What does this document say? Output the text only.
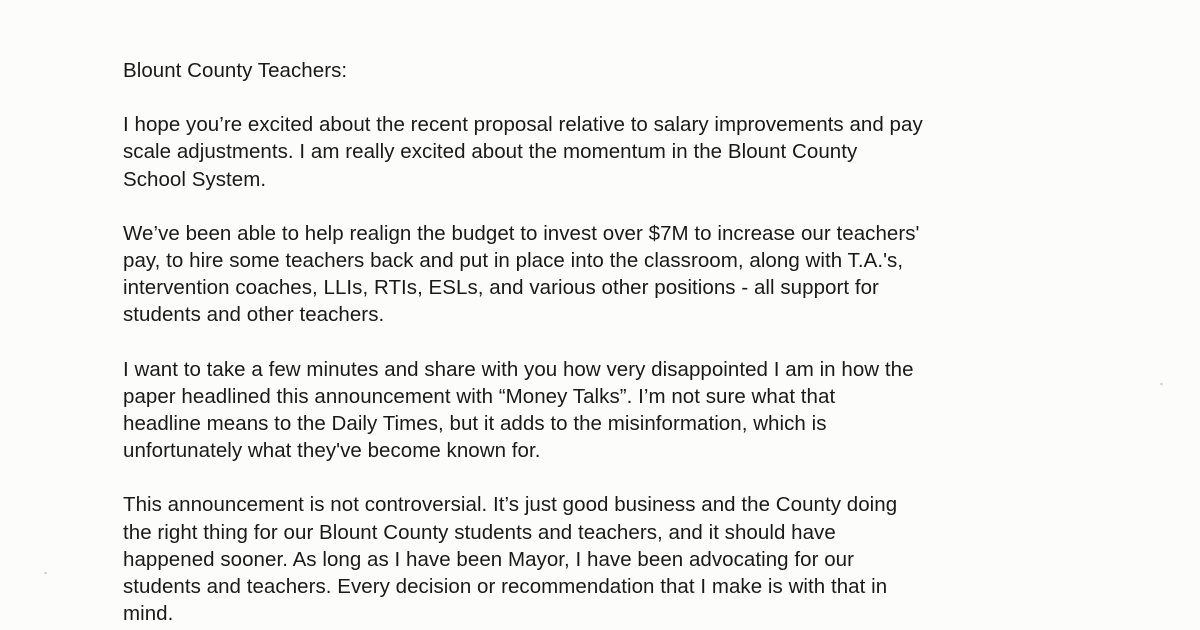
Blount County Teachers:
I hope you’re excited about the recent proposal relative to salary improvements and pay
scale adjustments. I am really excited about the momentum in the Blount County
School System.
We’ve been able to help realign the budget to invest over $7M to increase our teachers'
pay, to hire some teachers back and put in place into the classroom, along with T.A.'s,
intervention coaches, LLIs, RTIs, ESLs, and various other positions - all support for
students and other teachers.
I want to take a few minutes and share with you how very disappointed I am in how the
paper headlined this announcement with “Money Talks”. I’m not sure what that
headline means to the Daily Times, but it adds to the misinformation, which is
unfortunately what they've become known for.
This announcement is not controversial. It’s just good business and the County doing
the right thing for our Blount County students and teachers, and it should have
happened sooner. As long as I have been Mayor, I have been advocating for our
students and teachers. Every decision or recommendation that I make is with that in
mind.
